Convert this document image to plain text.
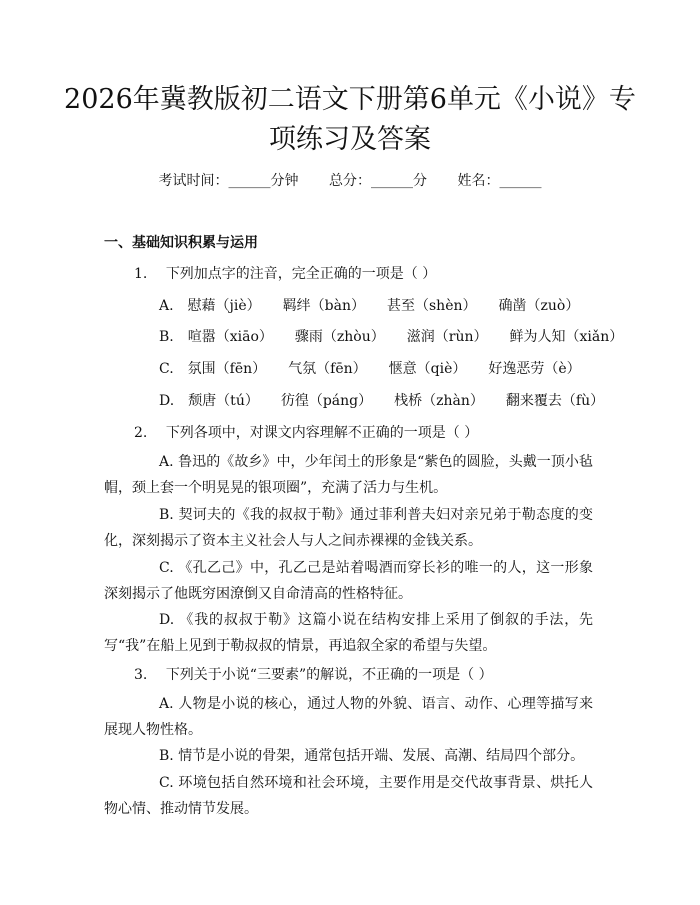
2026年冀教版初二语文下册第6单元《小说》专项练习及答案
考试时间：______分钟 总分：______分 姓名：______
一、基础知识积累与运用
1. 下列加点字的注音，完全正确的一项是（ ）
A. 慰藉（jiè） 羁绊（bàn） 甚至（shèn） 确凿（zuò）
B. 喧嚣（xiāo） 骤雨（zhòu） 滋润（rùn） 鲜为人知（xiǎn）
C. 氛围（fēn） 气氛（fēn） 惬意（qiè） 好逸恶劳（è）
D. 颓唐（tú） 彷徨（páng） 栈桥（zhàn） 翻来覆去（fù）
2. 下列各项中，对课文内容理解不正确的一项是（ ）

A. 鲁迅的《故乡》中，少年闰土的形象是“紫色的圆脸，头戴一顶小毡帽，颈上套一个明晃晃的银项圈”，充满了活力与生机。

B. 契诃夫的《我的叔叔于勒》通过菲利普夫妇对亲兄弟于勒态度的变化，深刻揭示了资本主义社会人与人之间赤裸裸的金钱关系。

C. 《孔乙己》中，孔乙己是站着喝酒而穿长衫的唯一的人，这一形象深刻揭示了他既穷困潦倒又自命清高的性格特征。

D. 《我的叔叔于勒》这篇小说在结构安排上采用了倒叙的手法，先写“我”在船上见到于勒叔叔的情景，再追叙全家的希望与失望。

3. 下列关于小说“三要素”的解说，不正确的一项是（ ）

A. 人物是小说的核心，通过人物的外貌、语言、动作、心理等描写来展现人物性格。

B. 情节是小说的骨架，通常包括开端、发展、高潮、结局四个部分。

C. 环境包括自然环境和社会环境，主要作用是交代故事背景、烘托人物心情、推动情节发展。
